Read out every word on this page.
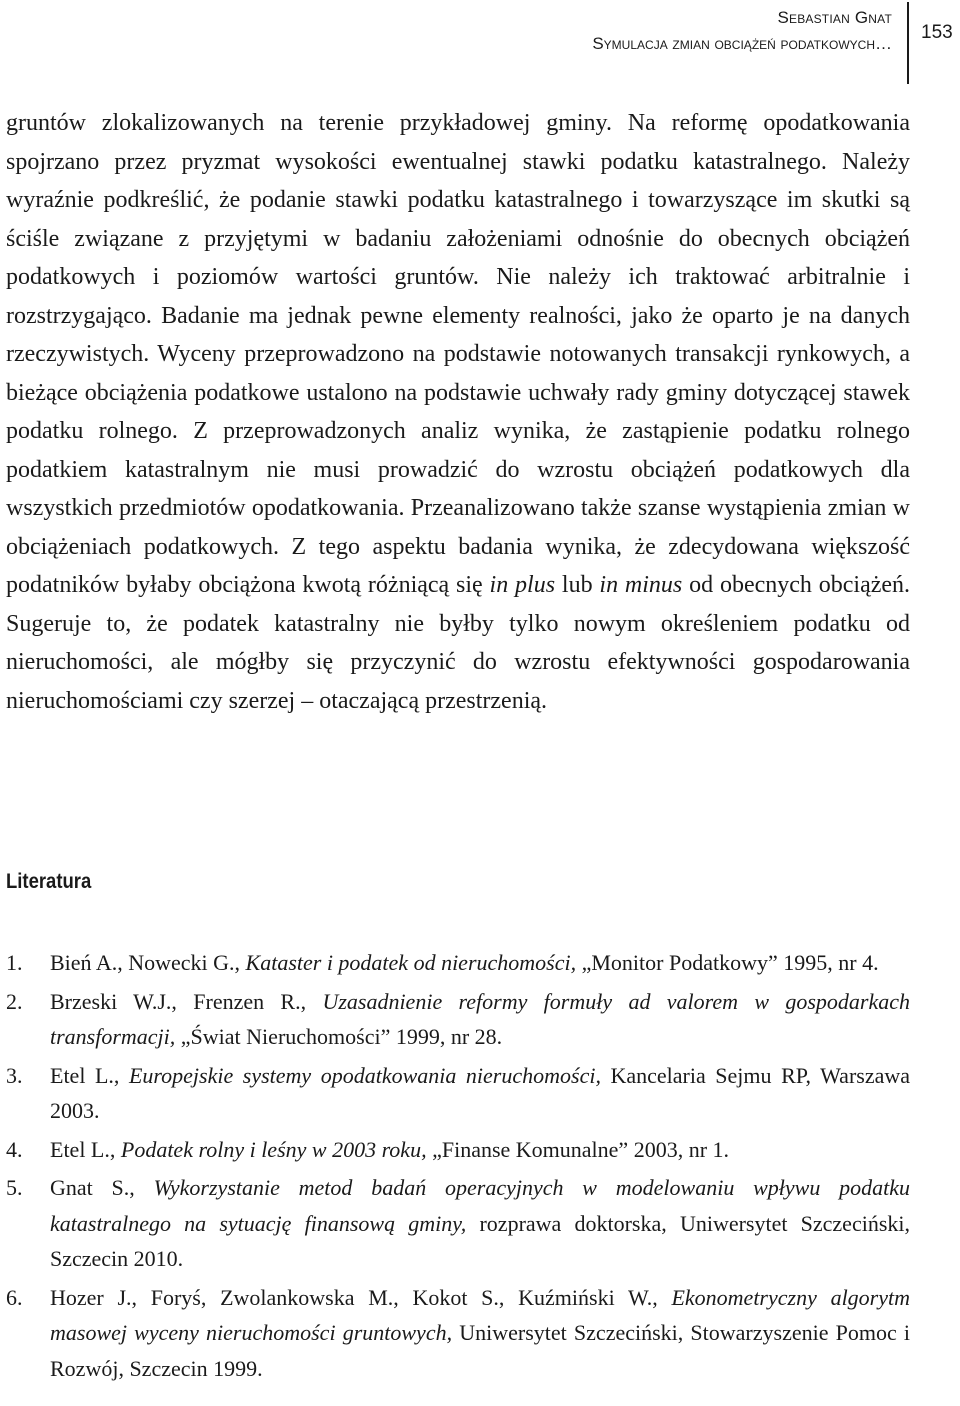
Sebastian Gnat
Symulacja zmian obciążeń podatkowych…
153

gruntów zlokalizowanych na terenie przykładowej gminy. Na reformę opodatkowania spojrzano przez pryzmat wysokości ewentualnej stawki podatku katastralnego. Należy wyraźnie podkreślić, że podanie stawki podatku katastralnego i towarzyszące im skutki są ściśle związane z przyjętymi w badaniu założeniami odnośnie do obecnych obciążeń podatkowych i poziomów wartości gruntów. Nie należy ich traktować arbitralnie i rozstrzygająco. Badanie ma jednak pewne elementy realności, jako że oparto je na danych rzeczywistych. Wyceny przeprowadzono na podstawie notowanych transakcji rynkowych, a bieżące obciążenia podatkowe ustalono na podstawie uchwały rady gminy dotyczącej stawek podatku rolnego. Z przeprowadzonych analiz wynika, że zastąpienie podatku rolnego podatkiem katastralnym nie musi prowadzić do wzrostu obciążeń podatkowych dla wszystkich przedmiotów opodatkowania. Przeanalizowano także szanse wystąpienia zmian w obciążeniach podatkowych. Z tego aspektu badania wynika, że zdecydowana większość podatników byłaby obciążona kwotą różniącą się in plus lub in minus od obecnych obciążeń. Sugeruje to, że podatek katastralny nie byłby tylko nowym określeniem podatku od nieruchomości, ale mógłby się przyczynić do wzrostu efektywności gospodarowania nieruchomościami czy szerzej – otaczającą przestrzenią.

Literatura
1. Bień A., Nowecki G., Kataster i podatek od nieruchomości, „Monitor Podatkowy” 1995, nr 4.
2. Brzeski W.J., Frenzen R., Uzasadnienie reformy formuły ad valorem w gospodarkach transformacji, „Świat Nieruchomości” 1999, nr 28.
3. Etel L., Europejskie systemy opodatkowania nieruchomości, Kancelaria Sejmu RP, Warszawa 2003.
4. Etel L., Podatek rolny i leśny w 2003 roku, „Finanse Komunalne” 2003, nr 1.
5. Gnat S., Wykorzystanie metod badań operacyjnych w modelowaniu wpływu podatku katastralnego na sytuację finansową gminy, rozprawa doktorska, Uniwersytet Szczeciński, Szczecin 2010.
6. Hozer J., Foryś, Zwolankowska M., Kokot S., Kuźmiński W., Ekonometryczny algorytm masowej wyceny nieruchomości gruntowych, Uniwersytet Szczeciński, Stowarzyszenie Pomoc i Rozwój, Szczecin 1999.
